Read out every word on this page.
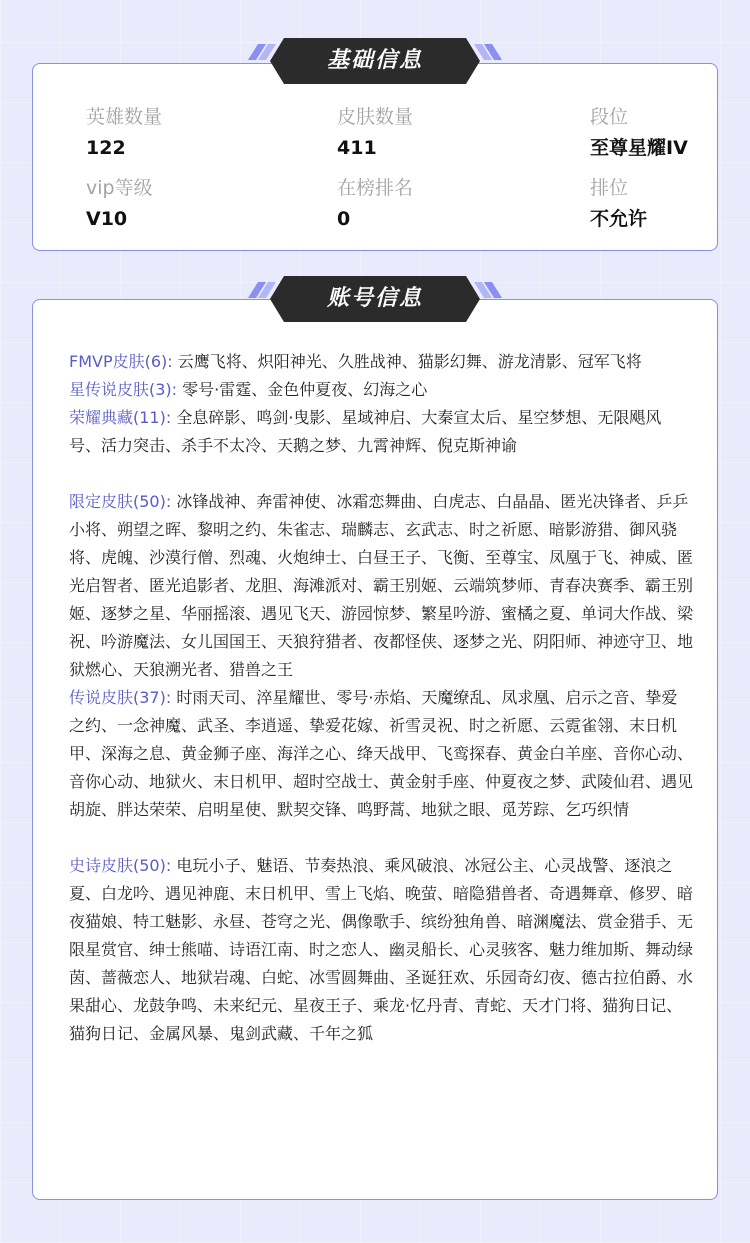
英雄数量
122
皮肤数量
411
段位
至尊星耀IV
vip等级
V10
在榜排名
0
排位
不允许
基础信息
FMVP皮肤(6): 云鹰飞将、炽阳神光、久胜战神、猫影幻舞、游龙清影、冠军飞将
星传说皮肤(3): 零号·雷霆、金色仲夏夜、幻海之心
荣耀典藏(11): 全息碎影、鸣剑·曳影、星域神启、大秦宣太后、星空梦想、无限飓风号、活力突击、杀手不太冷、天鹅之梦、九霄神辉、倪克斯神谕
限定皮肤(50): 冰锋战神、奔雷神使、冰霜恋舞曲、白虎志、白晶晶、匿光决锋者、乒乒小将、朔望之晖、黎明之约、朱雀志、瑞麟志、玄武志、时之祈愿、暗影游猎、御风骁将、虎魄、沙漠行僧、烈魂、火炮绅士、白昼王子、飞衡、至尊宝、凤凰于飞、神威、匿光启智者、匿光追影者、龙胆、海滩派对、霸王别姬、云端筑梦师、青春决赛季、霸王别姬、逐梦之星、华丽摇滚、遇见飞天、游园惊梦、繁星吟游、蜜橘之夏、单词大作战、梁祝、吟游魔法、女儿国国王、天狼狩猎者、夜都怪侠、逐梦之光、阴阳师、神迹守卫、地狱燃心、天狼溯光者、猎兽之王
传说皮肤(37): 时雨天司、淬星耀世、零号·赤焰、天魔缭乱、凤求凰、启示之音、挚爱之约、一念神魔、武圣、李逍遥、挚爱花嫁、祈雪灵祝、时之祈愿、云霓雀翎、末日机甲、深海之息、黄金狮子座、海洋之心、绛天战甲、飞鸾探春、黄金白羊座、音你心动、音你心动、地狱火、末日机甲、超时空战士、黄金射手座、仲夏夜之梦、武陵仙君、遇见胡旋、胖达荣荣、启明星使、默契交锋、鸣野蒿、地狱之眼、觅芳踪、乞巧织情
史诗皮肤(50): 电玩小子、魅语、节奏热浪、乘风破浪、冰冠公主、心灵战警、逐浪之夏、白龙吟、遇见神鹿、末日机甲、雪上飞焰、晚萤、暗隐猎兽者、奇遇舞章、修罗、暗夜猫娘、特工魅影、永昼、苍穹之光、偶像歌手、缤纷独角兽、暗渊魔法、赏金猎手、无限星赏官、绅士熊喵、诗语江南、时之恋人、幽灵船长、心灵骇客、魅力维加斯、舞动绿茵、蔷薇恋人、地狱岩魂、白蛇、冰雪圆舞曲、圣诞狂欢、乐园奇幻夜、德古拉伯爵、水果甜心、龙鼓争鸣、未来纪元、星夜王子、乘龙·忆丹青、青蛇、天才门将、猫狗日记、猫狗日记、金属风暴、鬼剑武藏、千年之狐
账号信息
